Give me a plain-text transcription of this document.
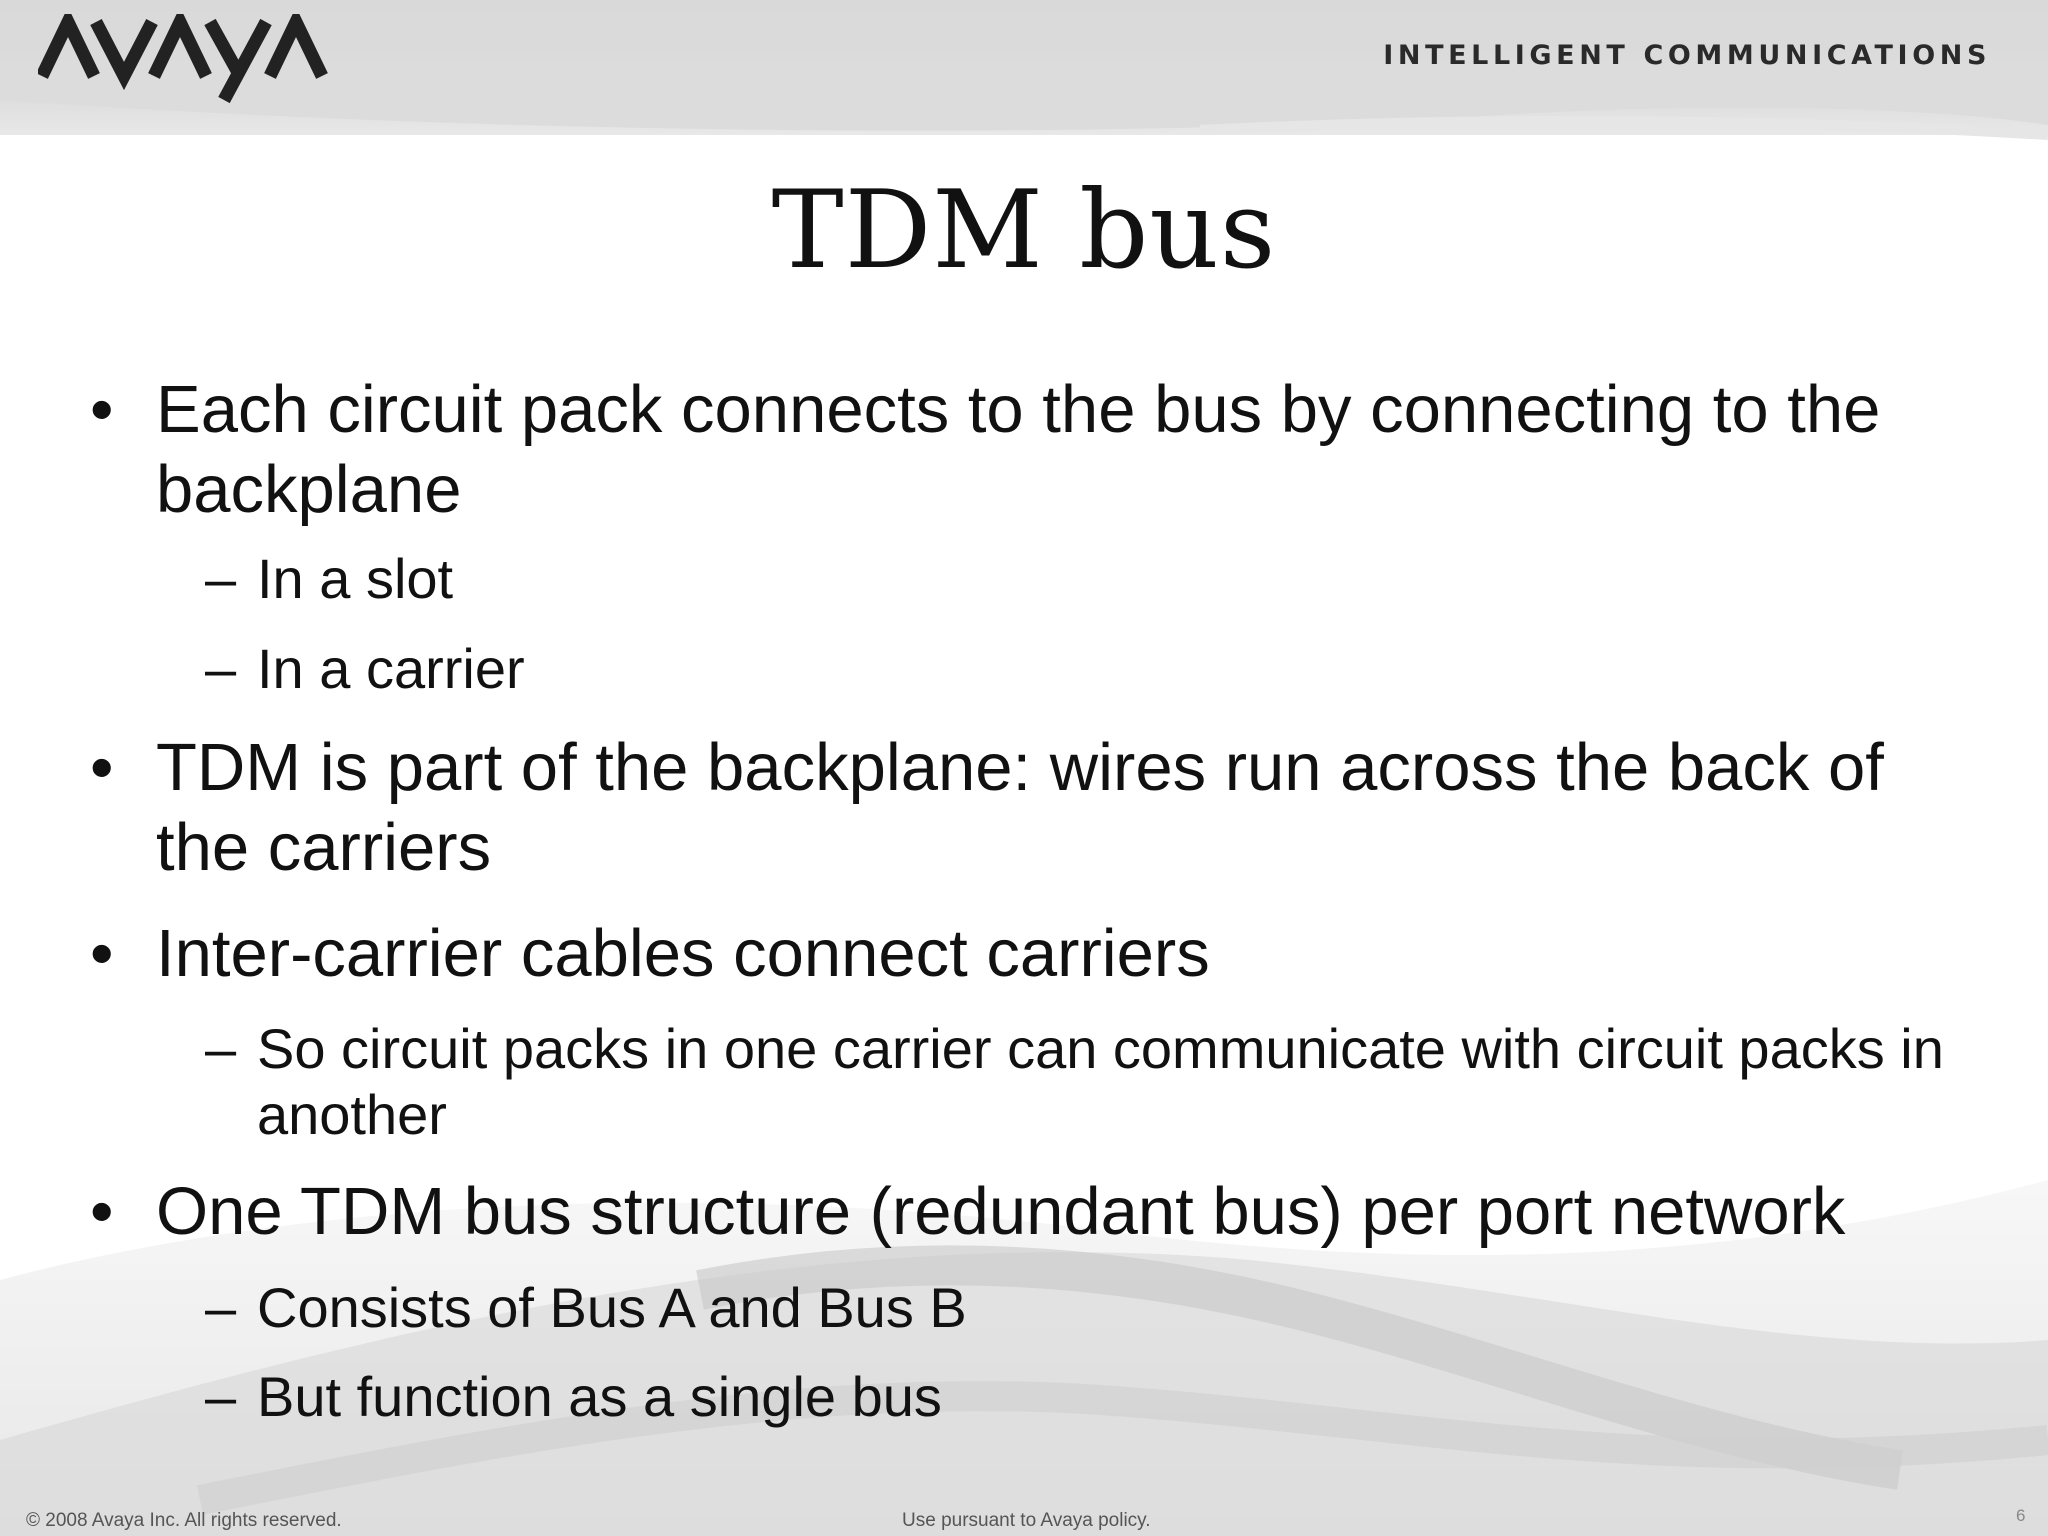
INTELLIGENT COMMUNICATIONS
TDM bus
• Each circuit pack connects to the bus by connecting to the backplane
– In a slot
– In a carrier
• TDM is part of the backplane: wires run across the back of the carriers
• Inter-carrier cables connect carriers
– So circuit packs in one carrier can communicate with circuit packs in another
• One TDM bus structure (redundant bus) per port network
– Consists of Bus A and Bus B
– But function as a single bus
© 2008 Avaya Inc. All rights reserved.	Use pursuant to Avaya policy.	6
